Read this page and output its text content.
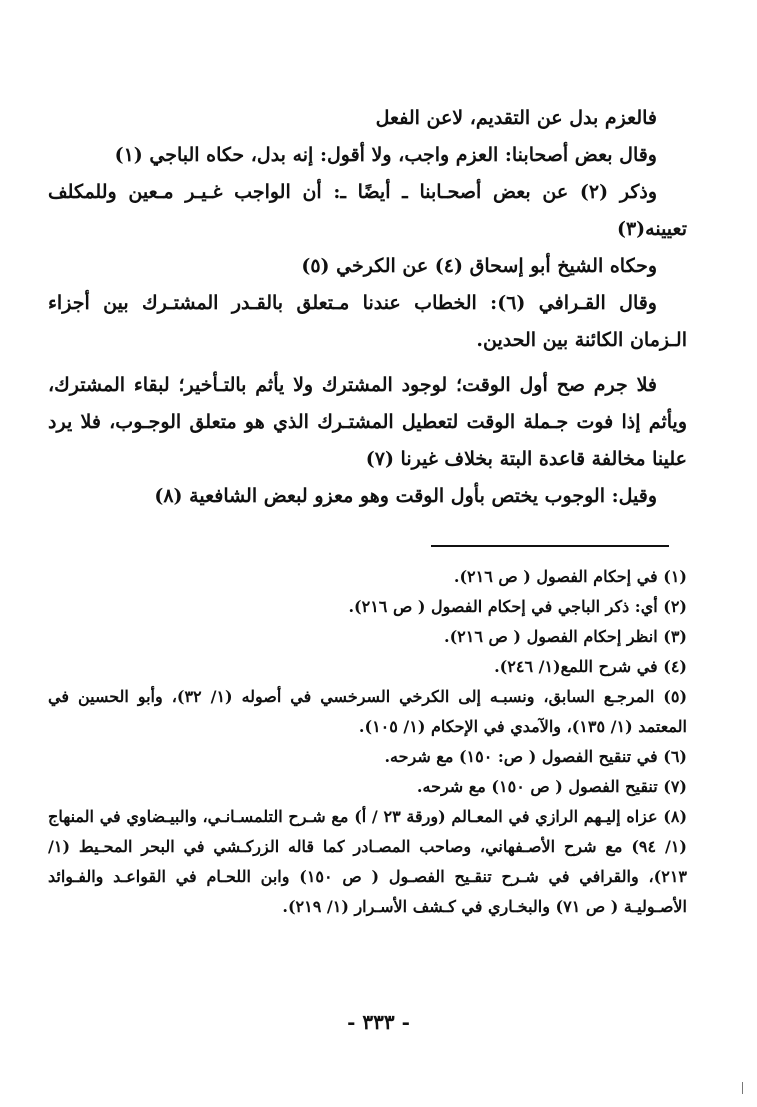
فالعزم بدل عن التقديم، لاعن الفعل

وقال بعض أصحابنا: العزم واجب، ولا أقول: إنه بدل، حكاه الباجي (١)

وذكر (٢) عن بعض أصحـابنا ـ أيضًا ـ: أن الواجب غـيـر مـعين وللمكلف تعيينه(٣)

وحكاه الشيخ أبو إسحاق (٤) عن الكرخي (٥)

وقال القـرافي (٦): الخطاب عندنا مـتعلق بالقـدر المشتـرك بين أجزاء الـزمان الكائنة بين الحدين.

فلا جرم صح أول الوقت؛ لوجود المشترك ولا يأثم بالتـأخير؛ لبقاء المشترك، ويأثم إذا فوت جـملة الوقت لتعطيل المشتـرك الذي هو متعلق الوجـوب، فلا يرد علينا مخالفة قاعدة البتة بخلاف غيرنا (٧)

وقيل: الوجوب يختص بأول الوقت وهو معزو لبعض الشافعية (٨)

(١) في إحكام الفصول ( ص ٢١٦).

(٢) أي: ذكر الباجي في إحكام الفصول ( ص ٢١٦).

(٣) انظر إحكام الفصول ( ص ٢١٦).

(٤) في شرح اللمع(١/ ٢٤٦).

(٥) المرجـع السابق، ونسبـه إلى الكرخي السرخسي في أصوله (١/ ٣٢)، وأبو الحسين في المعتمد (١/ ١٣٥)، والآمدي في الإحكام (١/ ١٠٥).

(٦) في تنقيح الفصول ( ص: ١٥٠) مع شرحه.

(٧) تنقيح الفصول ( ص ١٥٠) مع شرحه.

(٨) عزاه إليـهم الرازي في المعـالم (ورقة ٢٣ / أ) مع شـرح التلمسـانـي، والبيـضاوي في المنهاج (١/ ٩٤) مع شرح الأصـفهاني، وصاحب المصـادر كما قاله الزركـشي في البحر المحـيط (١/ ٢١٣)، والقرافي في شـرح تنقـيح الفصـول ( ص ١٥٠) وابن اللحـام في القواعـد والفـوائد الأصـوليـة ( ص ٧١) والبخـاري في كـشف الأسـرار (١/ ٢١٩).

- ٣٣٣ -
